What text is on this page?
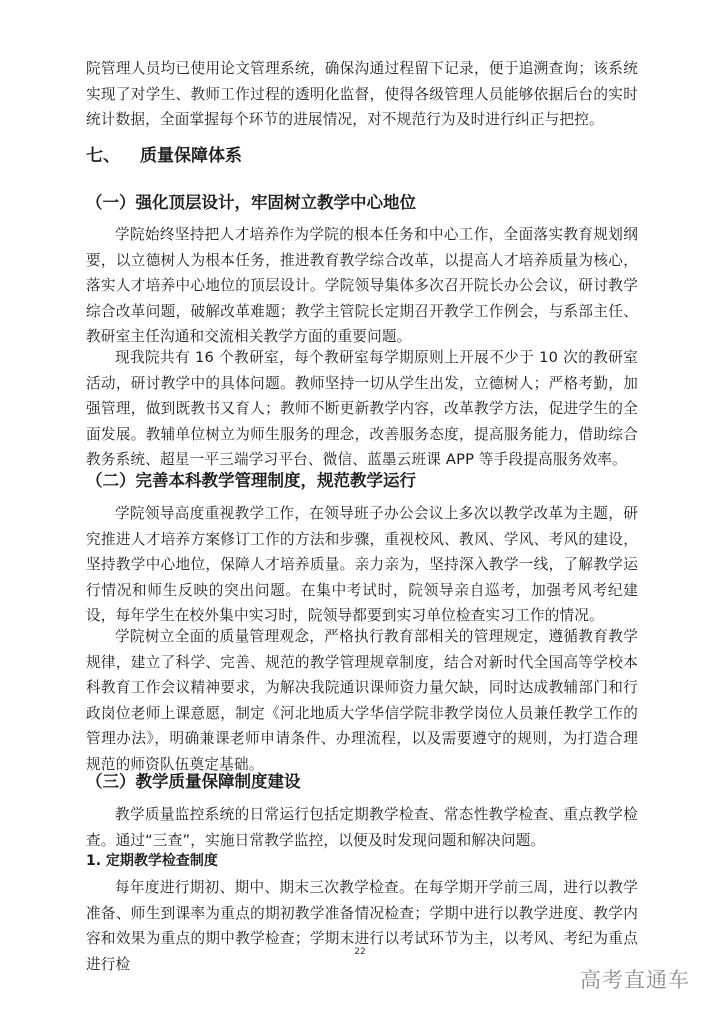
院管理人员均已使用论文管理系统，确保沟通过程留下记录，便于追溯查询；该系统实现了对学生、教师工作过程的透明化监督，使得各级管理人员能够依据后台的实时统计数据，全面掌握每个环节的进展情况，对不规范行为及时进行纠正与把控。

七、 质量保障体系
（一）强化顶层设计，牢固树立教学中心地位

学院始终坚持把人才培养作为学院的根本任务和中心工作，全面落实教育规划纲要，以立德树人为根本任务，推进教育教学综合改革，以提高人才培养质量为核心，落实人才培养中心地位的顶层设计。学院领导集体多次召开院长办公会议，研讨教学综合改革问题，破解改革难题；教学主管院长定期召开教学工作例会，与系部主任、教研室主任沟通和交流相关教学方面的重要问题。

现我院共有 16 个教研室，每个教研室每学期原则上开展不少于 10 次的教研室活动，研讨教学中的具体问题。教师坚持一切从学生出发，立德树人；严格考勤，加强管理，做到既教书又育人；教师不断更新教学内容，改革教学方法，促进学生的全面发展。教辅单位树立为师生服务的理念，改善服务态度，提高服务能力，借助综合教务系统、超星一平三端学习平台、微信、蓝墨云班课 APP 等手段提高服务效率。

（二）完善本科教学管理制度，规范教学运行

学院领导高度重视教学工作，在领导班子办公会议上多次以教学改革为主题，研究推进人才培养方案修订工作的方法和步骤，重视校风、教风、学风、考风的建设，坚持教学中心地位，保障人才培养质量。亲力亲为，坚持深入教学一线，了解教学运行情况和师生反映的突出问题。在集中考试时，院领导亲自巡考，加强考风考纪建设，每年学生在校外集中实习时，院领导都要到实习单位检查实习工作的情况。

学院树立全面的质量管理观念，严格执行教育部相关的管理规定，遵循教育教学规律，建立了科学、完善、规范的教学管理规章制度，结合对新时代全国高等学校本科教育工作会议精神要求，为解决我院通识课师资力量欠缺，同时达成教辅部门和行政岗位老师上课意愿，制定《河北地质大学华信学院非教学岗位人员兼任教学工作的管理办法》，明确兼课老师申请条件、办理流程，以及需要遵守的规则，为打造合理规范的师资队伍奠定基础。

（三）教学质量保障制度建设

教学质量监控系统的日常运行包括定期教学检查、常态性教学检查、重点教学检查。通过“三查”，实施日常教学监控，以便及时发现问题和解决问题。

1. 定期教学检查制度

每年度进行期初、期中、期末三次教学检查。在每学期开学前三周，进行以教学准备、师生到课率为重点的期初教学准备情况检查；学期中进行以教学进度、教学内容和效果为重点的期中教学检查；学期末进行以考试环节为主，以考风、考纪为重点进行检

22
高考直通车
